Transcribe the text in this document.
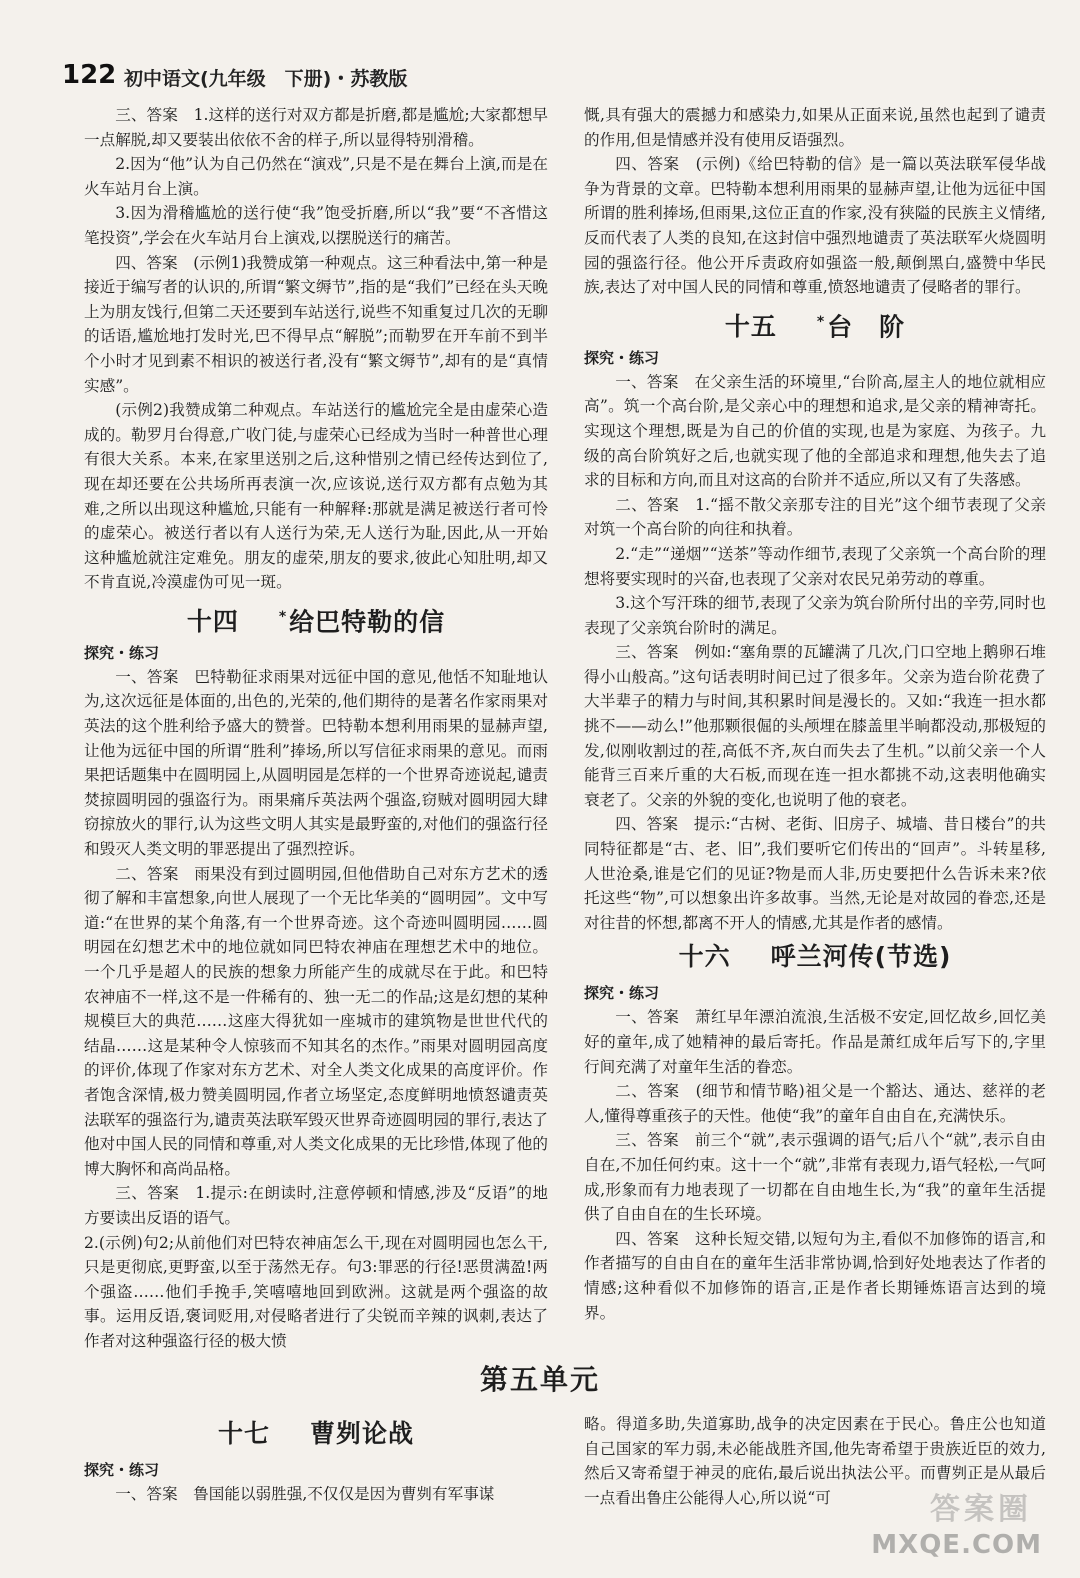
122 初中语文(九年级　下册)・苏教版

三、答案　1.这样的送行对双方都是折磨,都是尴尬;大家都想早一点解脱,却又要装出依依不舍的样子,所以显得特别滑稽。

2.因为“他”认为自己仍然在“演戏”,只是不是在舞台上演,而是在火车站月台上演。

3.因为滑稽尴尬的送行使“我”饱受折磨,所以“我”要“不吝惜这笔投资”,学会在火车站月台上演戏,以摆脱送行的痛苦。

四、答案　(示例1)我赞成第一种观点。这三种看法中,第一种是接近于编写者的认识的,所谓“繁文缛节”,指的是“我们”已经在头天晚上为朋友饯行,但第二天还要到车站送行,说些不知重复过几次的无聊的话语,尴尬地打发时光,巴不得早点“解脱”;而勒罗在开车前不到半个小时才见到素不相识的被送行者,没有“繁文缛节”,却有的是“真情实感”。

(示例2)我赞成第二种观点。车站送行的尴尬完全是由虚荣心造成的。勒罗月台得意,广收门徒,与虚荣心已经成为当时一种普世心理有很大关系。本来,在家里送别之后,这种惜别之情已经传达到位了,现在却还要在公共场所再表演一次,应该说,送行双方都有点勉为其难,之所以出现这种尴尬,只能有一种解释:那就是满足被送行者可怜的虚荣心。被送行者以有人送行为荣,无人送行为耻,因此,从一开始这种尴尬就注定难免。朋友的虚荣,朋友的要求,彼此心知肚明,却又不肯直说,冷漠虚伪可见一斑。

十四	*给巴特勒的信

探究・练习

一、答案　巴特勒征求雨果对远征中国的意见,他恬不知耻地认为,这次远征是体面的,出色的,光荣的,他们期待的是著名作家雨果对英法的这个胜利给予盛大的赞誉。巴特勒本想利用雨果的显赫声望,让他为远征中国的所谓“胜利”捧场,所以写信征求雨果的意见。而雨果把话题集中在圆明园上,从圆明园是怎样的一个世界奇迹说起,谴责焚掠圆明园的强盗行为。雨果痛斥英法两个强盗,窃贼对圆明园大肆窃掠放火的罪行,认为这些文明人其实是最野蛮的,对他们的强盗行径和毁灭人类文明的罪恶提出了强烈控诉。

二、答案　雨果没有到过圆明园,但他借助自己对东方艺术的透彻了解和丰富想象,向世人展现了一个无比华美的“圆明园”。文中写道:“在世界的某个角落,有一个世界奇迹。这个奇迹叫圆明园……圆明园在幻想艺术中的地位就如同巴特农神庙在理想艺术中的地位。一个几乎是超人的民族的想象力所能产生的成就尽在于此。和巴特农神庙不一样,这不是一件稀有的、独一无二的作品;这是幻想的某种规模巨大的典范……这座大得犹如一座城市的建筑物是世世代代的结晶……这是某种令人惊骇而不知其名的杰作。”雨果对圆明园高度的评价,体现了作家对东方艺术、对全人类文化成果的高度评价。作者饱含深情,极力赞美圆明园,作者立场坚定,态度鲜明地愤怒谴责英法联军的强盗行为,谴责英法联军毁灭世界奇迹圆明园的罪行,表达了他对中国人民的同情和尊重,对人类文化成果的无比珍惜,体现了他的博大胸怀和高尚品格。

三、答案　1.提示:在朗读时,注意停顿和情感,涉及“反语”的地方要读出反语的语气。

2.(示例)句2;从前他们对巴特农神庙怎么干,现在对圆明园也怎么干,只是更彻底,更野蛮,以至于荡然无存。句3:罪恶的行径!恶贯满盈!两个强盗……他们手挽手,笑嘻嘻地回到欧洲。这就是两个强盗的故事。运用反语,褒词贬用,对侵略者进行了尖锐而辛辣的讽刺,表达了作者对这种强盗行径的极大愤

慨,具有强大的震撼力和感染力,如果从正面来说,虽然也起到了谴责的作用,但是情感并没有使用反语强烈。

四、答案　(示例)《给巴特勒的信》是一篇以英法联军侵华战争为背景的文章。巴特勒本想利用雨果的显赫声望,让他为远征中国所谓的胜利捧场,但雨果,这位正直的作家,没有狭隘的民族主义情绪,反而代表了人类的良知,在这封信中强烈地谴责了英法联军火烧圆明园的强盗行径。他公开斥责政府如强盗一般,颠倒黑白,盛赞中华民族,表达了对中国人民的同情和尊重,愤怒地谴责了侵略者的罪行。

十五	*台　阶

探究・练习

一、答案　在父亲生活的环境里,“台阶高,屋主人的地位就相应高”。筑一个高台阶,是父亲心中的理想和追求,是父亲的精神寄托。实现这个理想,既是为自己的价值的实现,也是为家庭、为孩子。九级的高台阶筑好之后,也就实现了他的全部追求和理想,他失去了追求的目标和方向,而且对这高的台阶并不适应,所以又有了失落感。

二、答案　1.“摇不散父亲那专注的目光”这个细节表现了父亲对筑一个高台阶的向往和执着。

2.“走”“递烟”“送茶”等动作细节,表现了父亲筑一个高台阶的理想将要实现时的兴奋,也表现了父亲对农民兄弟劳动的尊重。

3.这个写汗珠的细节,表现了父亲为筑台阶所付出的辛劳,同时也表现了父亲筑台阶时的满足。

三、答案　例如:“塞角票的瓦罐满了几次,门口空地上鹅卵石堆得小山般高。”这句话表明时间已过了很多年。父亲为造台阶花费了大半辈子的精力与时间,其积累时间是漫长的。又如:“我连一担水都挑不——动么!”他那颗很倔的头颅埋在膝盖里半晌都没动,那极短的发,似刚收割过的茬,高低不齐,灰白而失去了生机。”以前父亲一个人能背三百来斤重的大石板,而现在连一担水都挑不动,这表明他确实衰老了。父亲的外貌的变化,也说明了他的衰老。

四、答案　提示:“古树、老街、旧房子、城墙、昔日楼台”的共同特征都是“古、老、旧”,我们要听它们传出的“回声”。斗转星移,人世沧桑,谁是它们的见证?物是而人非,历史要把什么告诉未来?依托这些“物”,可以想象出许多故事。当然,无论是对故园的眷恋,还是对往昔的怀想,都离不开人的情感,尤其是作者的感情。

十六 呼兰河传(节选)

探究・练习

一、答案　萧红早年漂泊流浪,生活极不安定,回忆故乡,回忆美好的童年,成了她精神的最后寄托。作品是萧红成年后写下的,字里行间充满了对童年生活的眷恋。

二、答案　(细节和情节略)祖父是一个豁达、通达、慈祥的老人,懂得尊重孩子的天性。他使“我”的童年自由自在,充满快乐。

三、答案　前三个“就”,表示强调的语气;后八个“就”,表示自由自在,不加任何约束。这十一个“就”,非常有表现力,语气轻松,一气呵成,形象而有力地表现了一切都在自由地生长,为“我”的童年生活提供了自由自在的生长环境。

四、答案　这种长短交错,以短句为主,看似不加修饰的语言,和作者描写的自由自在的童年生活非常协调,恰到好处地表达了作者的情感;这种看似不加修饰的语言,正是作者长期锤炼语言达到的境界。

第五单元
十七 曹刿论战

探究・练习

一、答案　鲁国能以弱胜强,不仅仅是因为曹刿有军事谋

略。得道多助,失道寡助,战争的决定因素在于民心。鲁庄公也知道自己国家的军力弱,未必能战胜齐国,他先寄希望于贵族近臣的效力,然后又寄希望于神灵的庇佑,最后说出执法公平。而曹刿正是从最后一点看出鲁庄公能得人心,所以说“可	答案圈
MXQE.COM
